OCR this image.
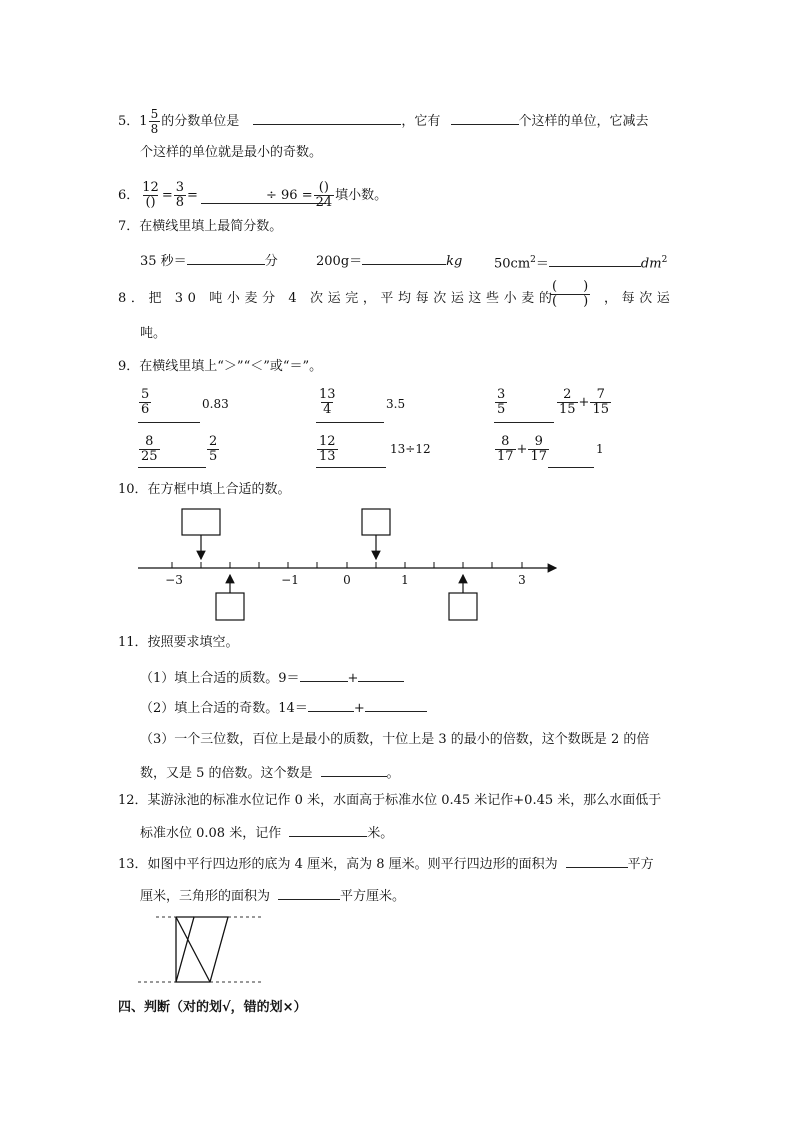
5．$1 \frac{5}{8}$ 的分数单位是	，它有	个这样的单位，它减去
个这样的单位就是最小的奇数。
6． $\frac{12}{()} = \frac{3}{8}$ =	÷ $96 = \frac{()}{24}$ 填小数。
7．在横线里填上最简分数。
35 秒＝	分	200g＝	kg $50cm^2=$	$dm^2$
8．把 30 吨小麦分 4 次运完，平均每次运这些小麦的
$\frac{( )}{( )}$ ，每次运
吨。
9．在横线里填上“＞”“＜”或“＝”。
$\frac{5}{6}$	0.83	$\frac{13}{4}$	3.5	$\frac{3}{5}$	$\frac{2}{15} + \frac{7}{15}$
$\frac{8}{25}$	$\frac{2}{5}$	$\frac{12}{13}$	13÷12	$\frac{8}{17} + \frac{9}{17}$	1
10．在方框中填上合适的数。
−3	−1	0	1	3
11．按照要求填空。
（1）填上合适的质数。9＝	+
（2）填上合适的奇数。14＝	+
（3）一个三位数，百位上是最小的质数，十位上是 3 的最小的倍数，这个数既是 2 的倍
数，又是 5 的倍数。这个数是	。
12．某游泳池的标准水位记作 0 米，水面高于标准水位 0.45 米记作+0.45 米，那么水面低于
标准水位 0.08 米，记作	米。
13．如图中平行四边形的底为 4 厘米，高为 8 厘米。则平行四边形的面积为	平方
厘米，三角形的面积为	平方厘米。
四、判断（对的划√，错的划×）
